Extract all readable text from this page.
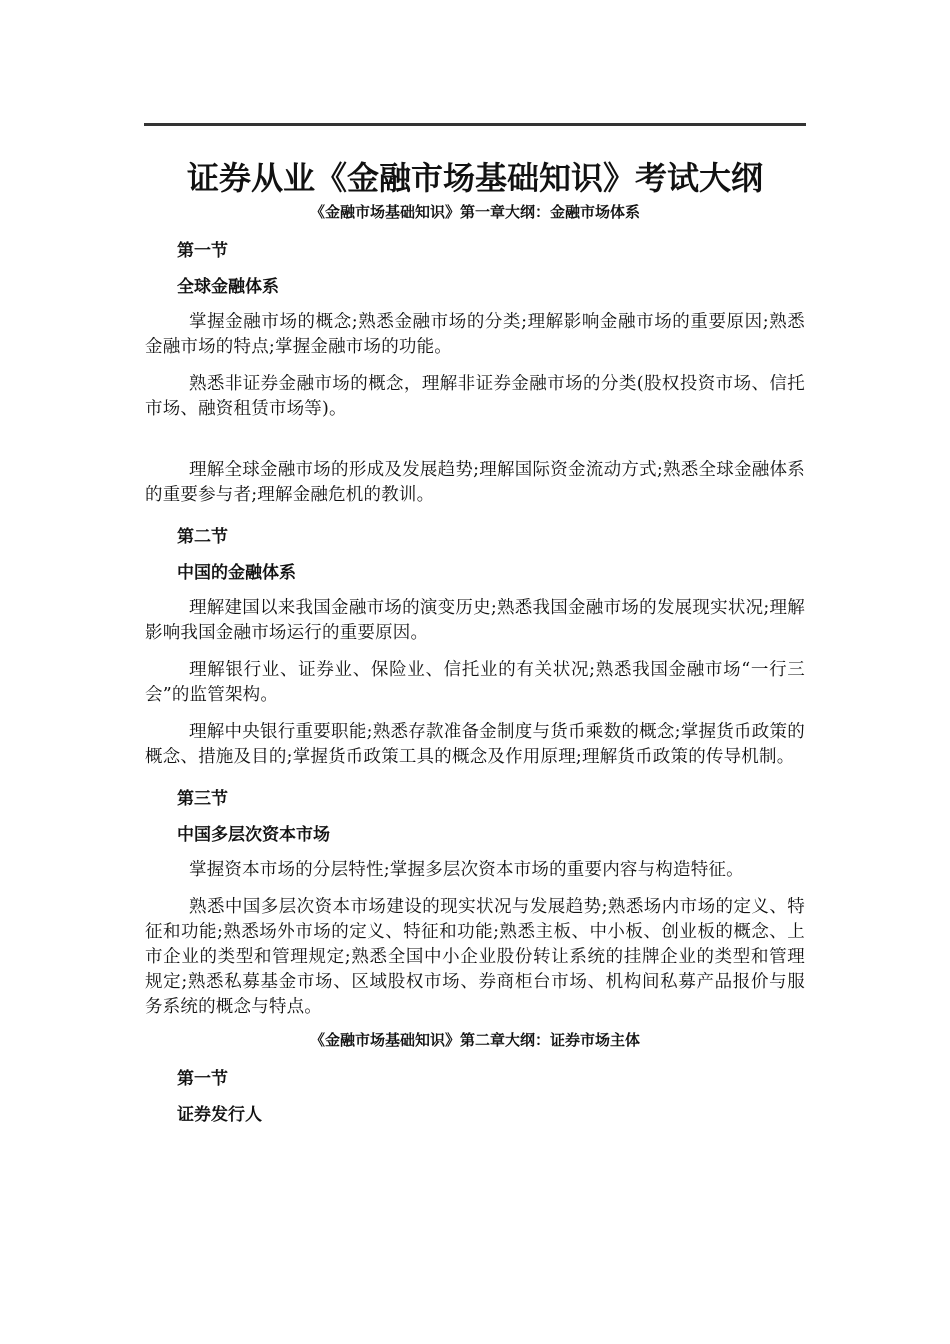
证券从业《金融市场基础知识》考试大纲
《金融市场基础知识》第一章大纲：金融市场体系
第一节
全球金融体系

掌握金融市场的概念;熟悉金融市场的分类;理解影响金融市场的重要原因;熟悉金融市场的特点;掌握金融市场的功能。

熟悉非证券金融市场的概念，理解非证券金融市场的分类(股权投资市场、信托市场、融资租赁市场等)。

理解全球金融市场的形成及发展趋势;理解国际资金流动方式;熟悉全球金融体系的重要参与者;理解金融危机的教训。

第二节
中国的金融体系

理解建国以来我国金融市场的演变历史;熟悉我国金融市场的发展现实状况;理解影响我国金融市场运行的重要原因。

理解银行业、证券业、保险业、信托业的有关状况;熟悉我国金融市场“一行三会”的监管架构。

理解中央银行重要职能;熟悉存款准备金制度与货币乘数的概念;掌握货币政策的概念、措施及目的;掌握货币政策工具的概念及作用原理;理解货币政策的传导机制。

第三节
中国多层次资本市场

掌握资本市场的分层特性;掌握多层次资本市场的重要内容与构造特征。

熟悉中国多层次资本市场建设的现实状况与发展趋势;熟悉场内市场的定义、特征和功能;熟悉场外市场的定义、特征和功能;熟悉主板、中小板、创业板的概念、上市企业的类型和管理规定;熟悉全国中小企业股份转让系统的挂牌企业的类型和管理规定;熟悉私募基金市场、区域股权市场、券商柜台市场、机构间私募产品报价与服务系统的概念与特点。

《金融市场基础知识》第二章大纲：证券市场主体
第一节
证券发行人
